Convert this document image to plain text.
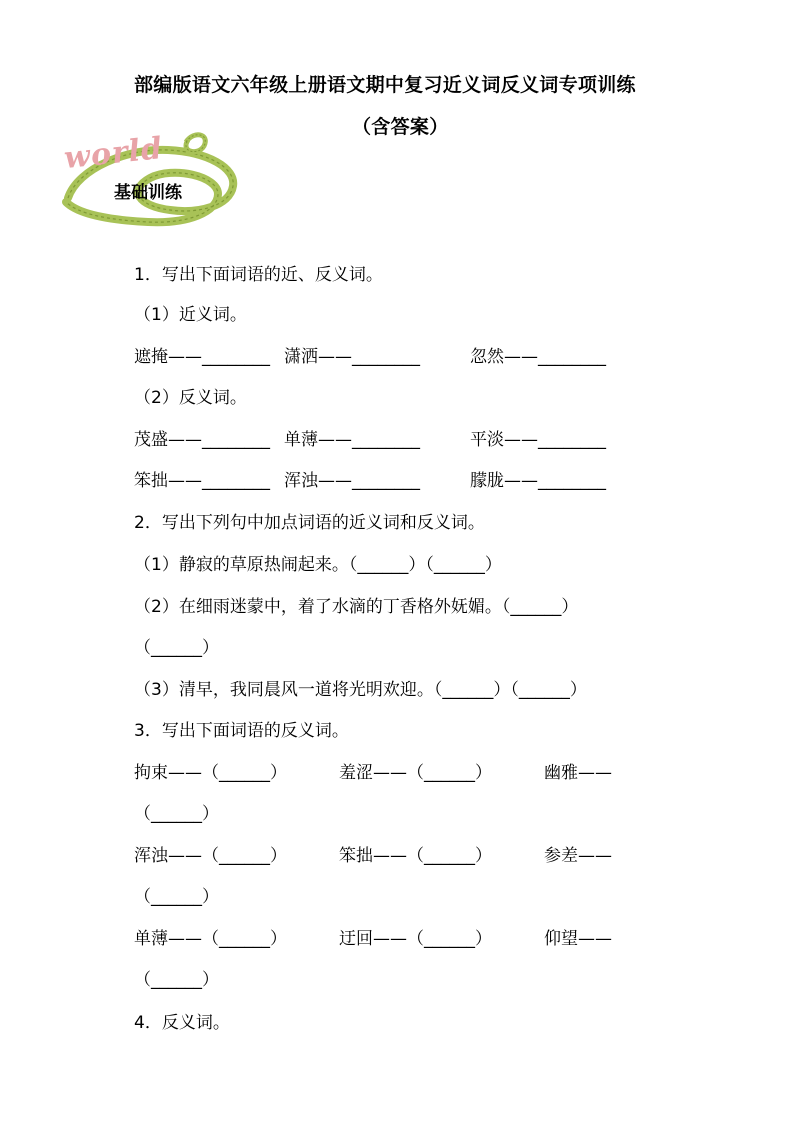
部编版语文六年级上册语文期中复习近义词反义词专项训练
（含答案）
world
基础训练
1．写出下面词语的近、反义词。
（1）近义词。
遮掩——________ 潇洒——________	忽然——________
（2）反义词。
茂盛——________ 单薄——________	平淡——________
笨拙——________ 浑浊——________	朦胧——________
2．写出下列句中加点词语的近义词和反义词。
（1）静寂的草原热闹起来。（______）（______）
（2）在细雨迷蒙中，着了水滴的丁香格外妩媚。（______）
（______）
（3）清早，我同晨风一道将光明欢迎。（______）（______）
3．写出下面词语的反义词。
拘束——（______）	羞涩——（______）	幽雅——
（______）
浑浊——（______）	笨拙——（______）	参差——
（______）
单薄——（______）	迂回——（______）	仰望——
（______）
4．反义词。
